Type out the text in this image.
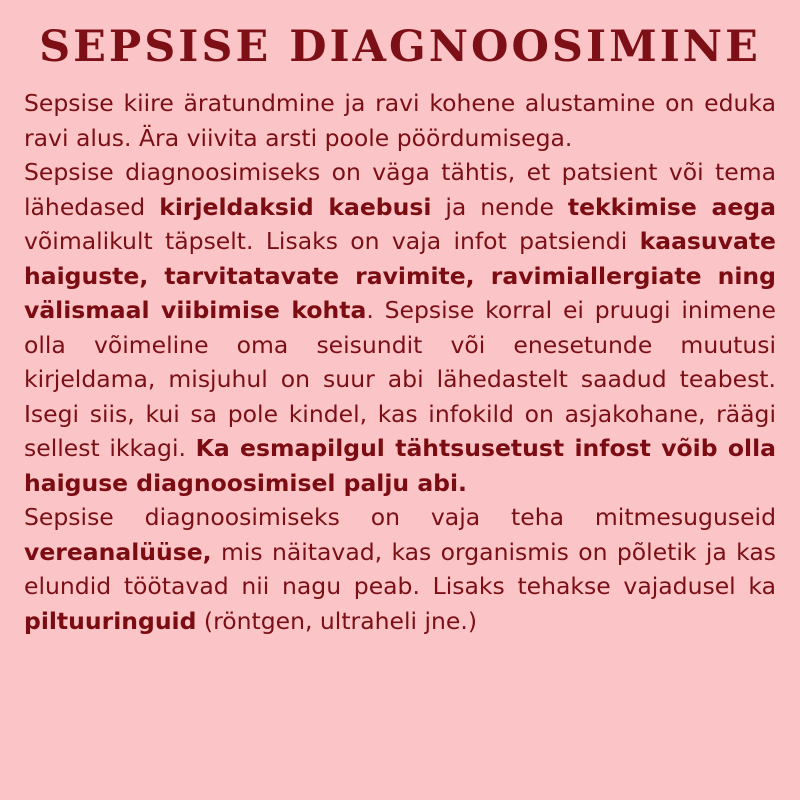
SEPSISE DIAGNOOSIMINE

Sepsise kiire äratundmine ja ravi kohene alustamine on eduka ravi alus. Ära viivita arsti poole pöördumisega.

Sepsise diagnoosimiseks on väga tähtis, et patsient või tema lähedased kirjeldaksid kaebusi ja nende tekkimise aega võimalikult täpselt. Lisaks on vaja infot patsiendi kaasuvate haiguste, tarvitatavate ravimite, ravimiallergiate ning välismaal viibimise kohta. Sepsise korral ei pruugi inimene olla võimeline oma seisundit või enesetunde muutusi kirjeldama, misjuhul on suur abi lähedastelt saadud teabest. Isegi siis, kui sa pole kindel, kas infokild on asjakohane, räägi sellest ikkagi. Ka esmapilgul tähtsusetust infost võib olla haiguse diagnoosimisel palju abi.

Sepsise diagnoosimiseks on vaja teha mitmesuguseid vereanalüüse, mis näitavad, kas organismis on põletik ja kas elundid töötavad nii nagu peab. Lisaks tehakse vajadusel ka piltuuringuid (röntgen, ultraheli jne.)
